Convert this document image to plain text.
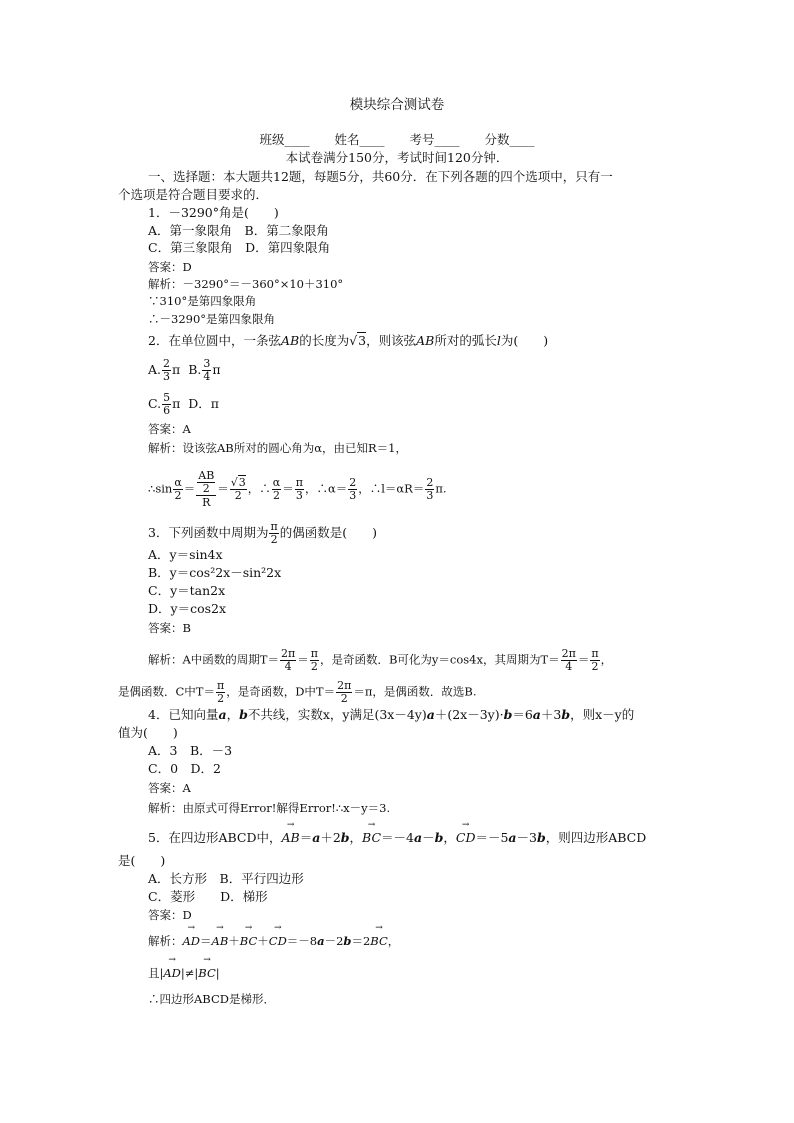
模块综合测试卷
班级____　　姓名____　　考号____　　分数____
本试卷满分150分，考试时间120分钟．
一、选择题：本大题共12题，每题5分，共60分．在下列各题的四个选项中，只有一
个选项是符合题目要求的．
1．－3290°角是(　　)
A．第一象限角　B．第二象限角
C．第三象限角　D．第四象限角
答案：D
解析：－3290°＝－360°×10＋310°
∵310°是第四象限角
∴－3290°是第四象限角
2．在单位圆中，一条弦AB的长度为√3，则该弦AB所对的弧长l为(　　)
A. $\frac{2}{3}$ π B. $\frac{3}{4}$ π
C. $\frac{5}{6}$ π D．π
答案：A
解析：设该弦AB所对的圆心角为α，由已知R＝1，
∴sin $\frac{\alpha}{2} = \frac{\frac{AB}{2}}{R} = \frac{√3}{2}$ ，∴ $\frac{\alpha}{2} = \frac{\pi}{3}$ ，∴α＝ $\frac{2}{3}$ ，∴l＝αR＝ $\frac{2}{3} \pi$.
3．下列函数中周期为 $\frac{\pi}{2}$ 的偶函数是(　　)
A．y＝sin4x
B．y＝cos²2x－sin²2x
C．y＝tan2x
D．y＝cos2x
答案：B
解析：A中函数的周期$T= \frac{2\pi}{4} = \frac{\pi}{2}$ ，是奇函数．B可化为y＝cos4x，其周期为$T= \frac{2\pi}{4} = \frac{\pi}{2}$ ，
是偶函数．C中$T= \frac{\pi}{2}$ ，是奇函数，D中$T= \frac{2\pi}{2} =\pi$，是偶函数．故选B.
4．已知向量a，b不共线，实数x，y满足(3x－4y)a＋(2x－3y)·b＝6a＋3b，则x－y的
值为(　　)
A．3　B．－3
C．0　D．2
答案：A
解析：由原式可得Error!解得Error!∴x－y＝3.
5．在四边形ABCD中，→ AB＝a＋2b，→ BC＝－4a－b，→ CD＝－5a－3b，则四边形ABCD
是(　　)
A．长方形　B．平行四边形
C．菱形　　D．梯形
答案：D
解析：→ AD＝→ AB＋→ BC＋→ CD＝－8a－2b＝2→ BC，
且|→ AD|≠|→ BC|
∴四边形ABCD是梯形．
